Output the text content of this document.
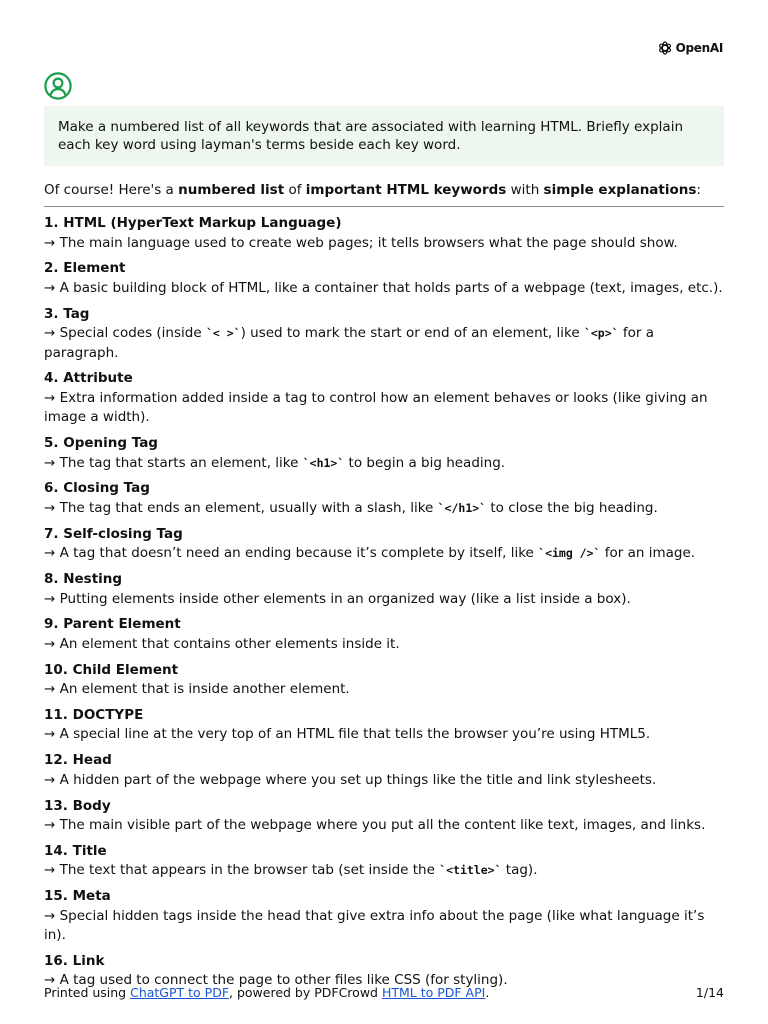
OpenAI
Make a numbered list of all keywords that are associated with learning HTML. Briefly explain each key word using layman's terms beside each key word.
Of course! Here's a numbered list of important HTML keywords with simple explanations:
1. HTML (HyperText Markup Language)
→ The main language used to create web pages; it tells browsers what the page should show.
2. Element
→ A basic building block of HTML, like a container that holds parts of a webpage (text, images, etc.).
3. Tag
→ Special codes (inside `< >`) used to mark the start or end of an element, like `<p>` for a paragraph.
4. Attribute
→ Extra information added inside a tag to control how an element behaves or looks (like giving an image a width).
5. Opening Tag
→ The tag that starts an element, like `<h1>` to begin a big heading.
6. Closing Tag
→ The tag that ends an element, usually with a slash, like `</h1>` to close the big heading.
7. Self-closing Tag
→ A tag that doesn’t need an ending because it’s complete by itself, like `<img />` for an image.
8. Nesting
→ Putting elements inside other elements in an organized way (like a list inside a box).
9. Parent Element
→ An element that contains other elements inside it.
10. Child Element
→ An element that is inside another element.
11. DOCTYPE
→ A special line at the very top of an HTML file that tells the browser you’re using HTML5.
12. Head
→ A hidden part of the webpage where you set up things like the title and link stylesheets.
13. Body
→ The main visible part of the webpage where you put all the content like text, images, and links.
14. Title
→ The text that appears in the browser tab (set inside the `<title>` tag).
15. Meta
→ Special hidden tags inside the head that give extra info about the page (like what language it’s in).
16. Link
→ A tag used to connect the page to other files like CSS (for styling).
Printed using ChatGPT to PDF, powered by PDFCrowd HTML to PDF API.	1/14
